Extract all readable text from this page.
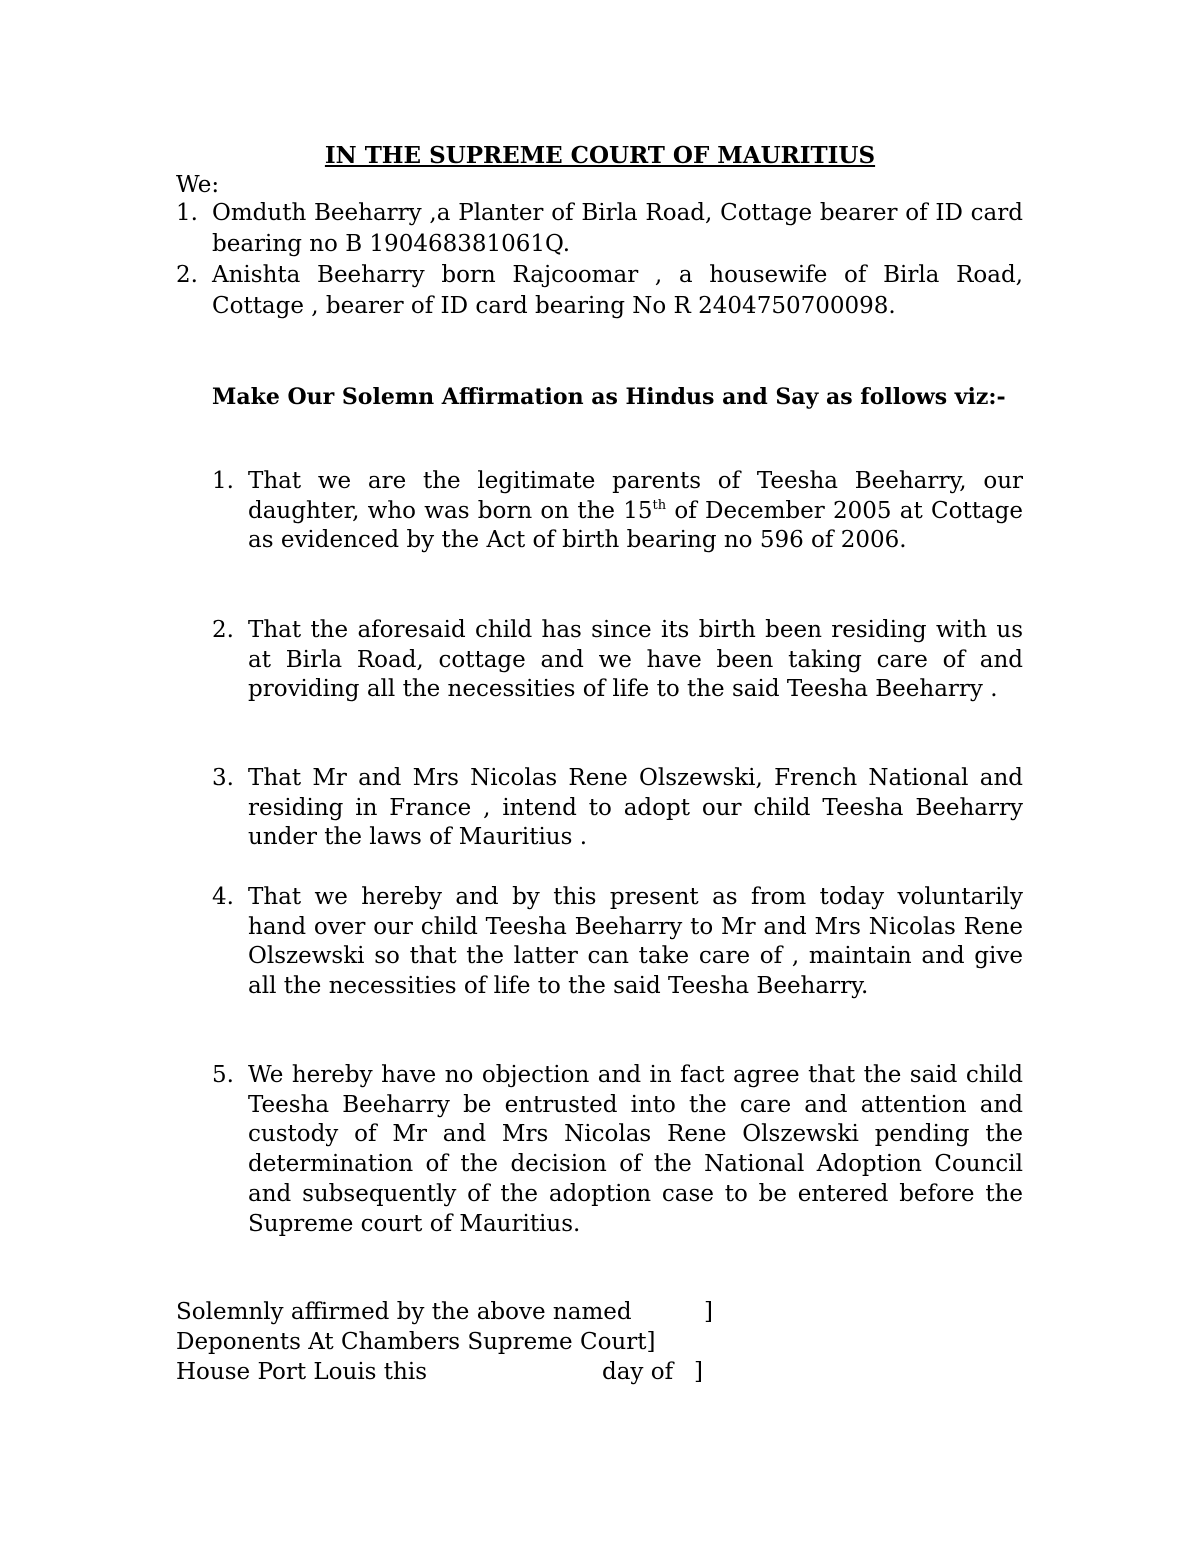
IN THE SUPREME COURT OF MAURITIUS
We:
1. Omduth Beeharry ,a Planter of Birla Road, Cottage bearer of ID card bearing no B 190468381061Q.
2. Anishta Beeharry born Rajcoomar , a housewife of Birla Road, Cottage , bearer of ID card bearing No R 2404750700098.
Make Our Solemn Affirmation as Hindus and Say as follows viz:-
1. That we are the legitimate parents of Teesha Beeharry, our daughter, who was born on the 15th of December 2005 at Cottage as evidenced by the Act of birth bearing no 596 of 2006.
2. That the aforesaid child has since its birth been residing with us at Birla Road, cottage and we have been taking care of and providing all the necessities of life to the said Teesha Beeharry .
3. That Mr and Mrs Nicolas Rene Olszewski, French National and residing in France , intend to adopt our child Teesha Beeharry under the laws of Mauritius .
4. That we hereby and by this present as from today voluntarily hand over our child Teesha Beeharry to Mr and Mrs Nicolas Rene Olszewski so that the latter can take care of , maintain and give all the necessities of life to the said Teesha Beeharry.
5. We hereby have no objection and in fact agree that the said child Teesha Beeharry be entrusted into the care and attention and custody of Mr and Mrs Nicolas Rene Olszewski pending the determination of the decision of the National Adoption Council and subsequently of the adoption case to be entered before the Supreme court of Mauritius.
Solemnly affirmed by the above named	]
Deponents At Chambers Supreme Court]
House Port Louis this	day of ]
